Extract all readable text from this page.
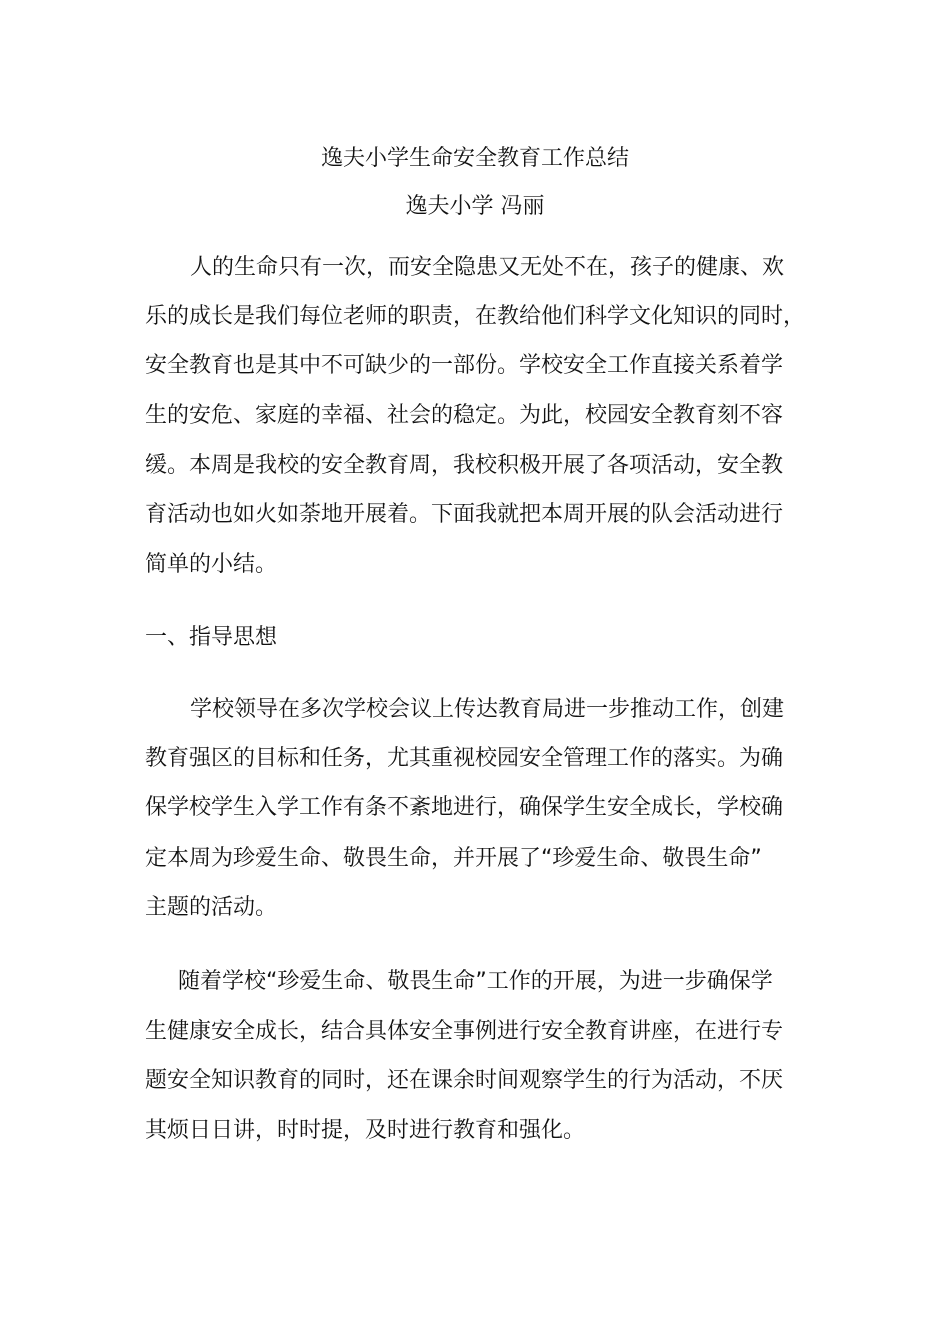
逸夫小学生命安全教育工作总结
逸夫小学 冯丽
人的生命只有一次，而安全隐患又无处不在，孩子的健康、欢
乐的成长是我们每位老师的职责，在教给他们科学文化知识的同时，
安全教育也是其中不可缺少的一部份。学校安全工作直接关系着学
生的安危、家庭的幸福、社会的稳定。为此，校园安全教育刻不容
缓。本周是我校的安全教育周，我校积极开展了各项活动，安全教
育活动也如火如荼地开展着。下面我就把本周开展的队会活动进行
简单的小结。
一、指导思想
学校领导在多次学校会议上传达教育局进一步推动工作，创建
教育强区的目标和任务，尤其重视校园安全管理工作的落实。为确
保学校学生入学工作有条不紊地进行，确保学生安全成长，学校确
定本周为珍爱生命、敬畏生命，并开展了“珍爱生命、敬畏生命”
主题的活动。
随着学校“珍爱生命、敬畏生命”工作的开展，为进一步确保学
生健康安全成长，结合具体安全事例进行安全教育讲座，在进行专
题安全知识教育的同时，还在课余时间观察学生的行为活动，不厌
其烦日日讲，时时提，及时进行教育和强化。
